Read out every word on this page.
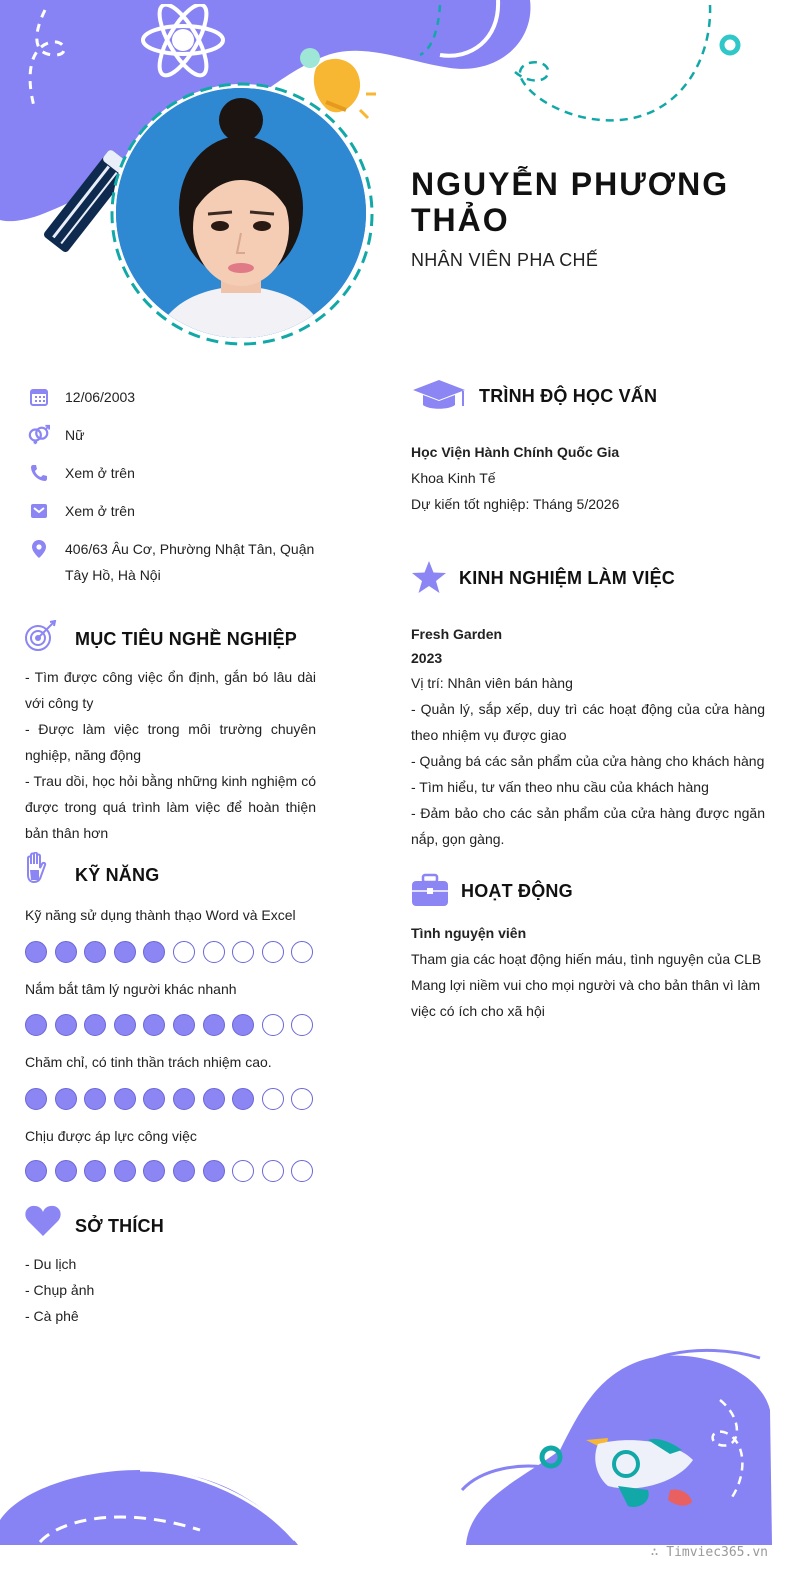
NGUYỄN PHƯƠNG THẢO
NHÂN VIÊN PHA CHẾ
12/06/2003
Nữ
Xem ở trên
Xem ở trên
406/63 Âu Cơ, Phường Nhật Tân, Quận Tây Hồ, Hà Nội
MỤC TIÊU NGHỀ NGHIỆP
- Tìm được công việc ổn định, gắn bó lâu dài với công ty
- Được làm việc trong môi trường chuyên nghiệp, năng động
- Trau dồi, học hỏi bằng những kinh nghiệm có được trong quá trình làm việc để hoàn thiện bản thân hơn
KỸ NĂNG
Kỹ năng sử dụng thành thạo Word và Excel
Nắm bắt tâm lý người khác nhanh
Chăm chỉ, có tinh thần trách nhiệm cao.
Chịu được áp lực công việc
SỞ THÍCH
- Du lịch
- Chụp ảnh
- Cà phê
TRÌNH ĐỘ HỌC VẤN
Học Viện Hành Chính Quốc Gia
Khoa Kinh Tế
Dự kiến tốt nghiệp: Tháng 5/2026
KINH NGHIỆM LÀM VIỆC
Fresh Garden
2023
Vị trí: Nhân viên bán hàng
- Quản lý, sắp xếp, duy trì các hoạt động của cửa hàng theo nhiệm vụ được giao
- Quảng bá các sản phẩm của cửa hàng cho khách hàng
- Tìm hiểu, tư vấn theo nhu cầu của khách hàng
- Đảm bảo cho các sản phẩm của cửa hàng được ngăn nắp, gọn gàng.
HOẠT ĐỘNG
Tình nguyện viên
Tham gia các hoạt động hiến máu, tình nguyện của CLB
Mang lợi niềm vui cho mọi người và cho bản thân vì làm việc có ích cho xã hội
∴ Timviec365.vn
